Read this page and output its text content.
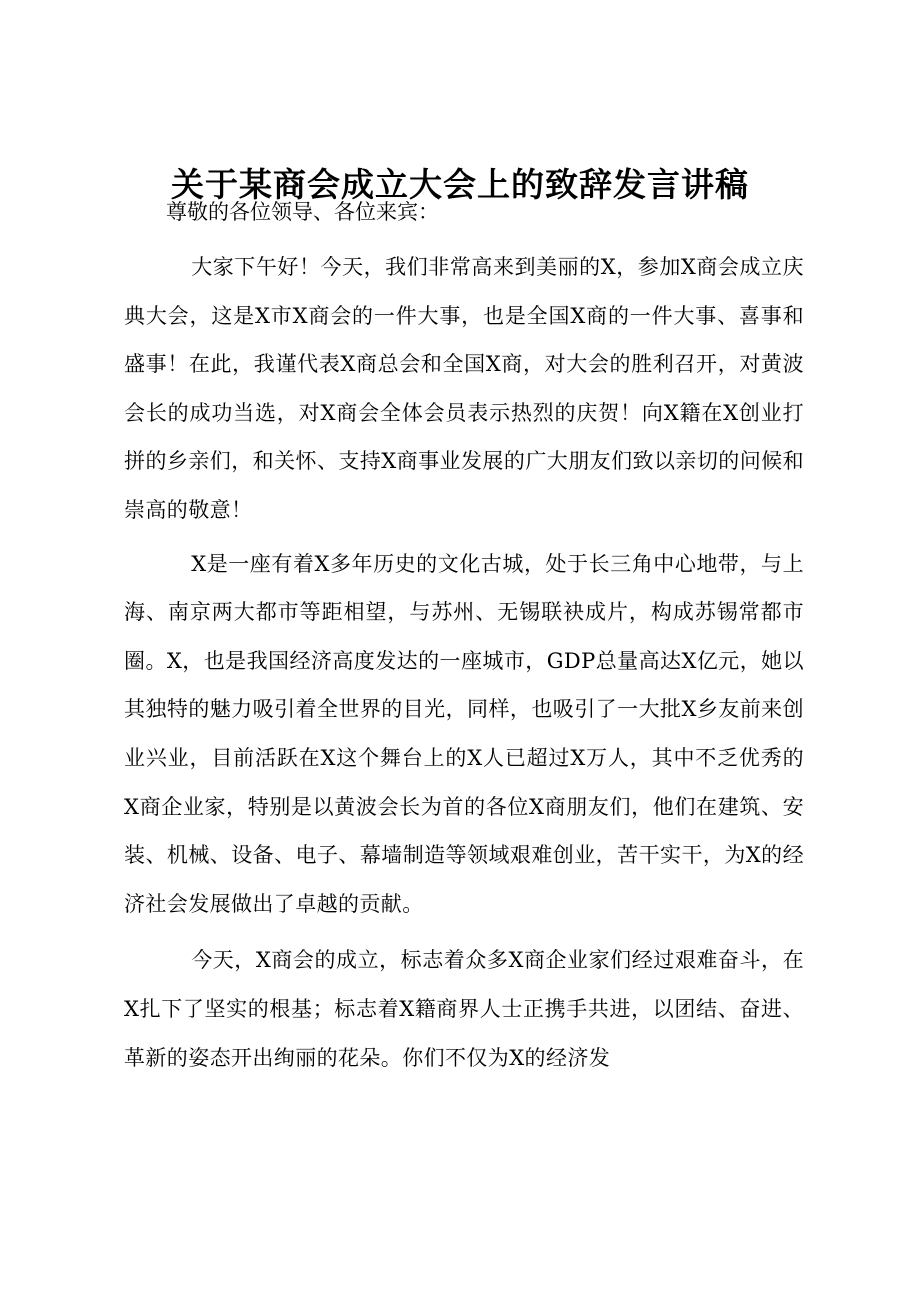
关于某商会成立大会上的致辞发言讲稿

尊敬的各位领导、各位来宾：

大家下午好！今天，我们非常高来到美丽的X，参加X商会成立庆典大会，这是X市X商会的一件大事，也是全国X商的一件大事、喜事和盛事！在此，我谨代表X商总会和全国X商，对大会的胜利召开，对黄波会长的成功当选，对X商会全体会员表示热烈的庆贺！向X籍在X创业打拼的乡亲们，和关怀、支持X商事业发展的广大朋友们致以亲切的问候和崇高的敬意！

X是一座有着X多年历史的文化古城，处于长三角中心地带，与上海、南京两大都市等距相望，与苏州、无锡联袂成片，构成苏锡常都市圈。X，也是我国经济高度发达的一座城市，GDP总量高达X亿元，她以其独特的魅力吸引着全世界的目光，同样，也吸引了一大批X乡友前来创业兴业，目前活跃在X这个舞台上的X人已超过X万人，其中不乏优秀的X商企业家，特别是以黄波会长为首的各位X商朋友们，他们在建筑、安装、机械、设备、电子、幕墙制造等领域艰难创业，苦干实干，为X的经济社会发展做出了卓越的贡献。

今天，X商会的成立，标志着众多X商企业家们经过艰难奋斗，在X扎下了坚实的根基；标志着X籍商界人士正携手共进，以团结、奋进、革新的姿态开出绚丽的花朵。你们不仅为X的经济发
